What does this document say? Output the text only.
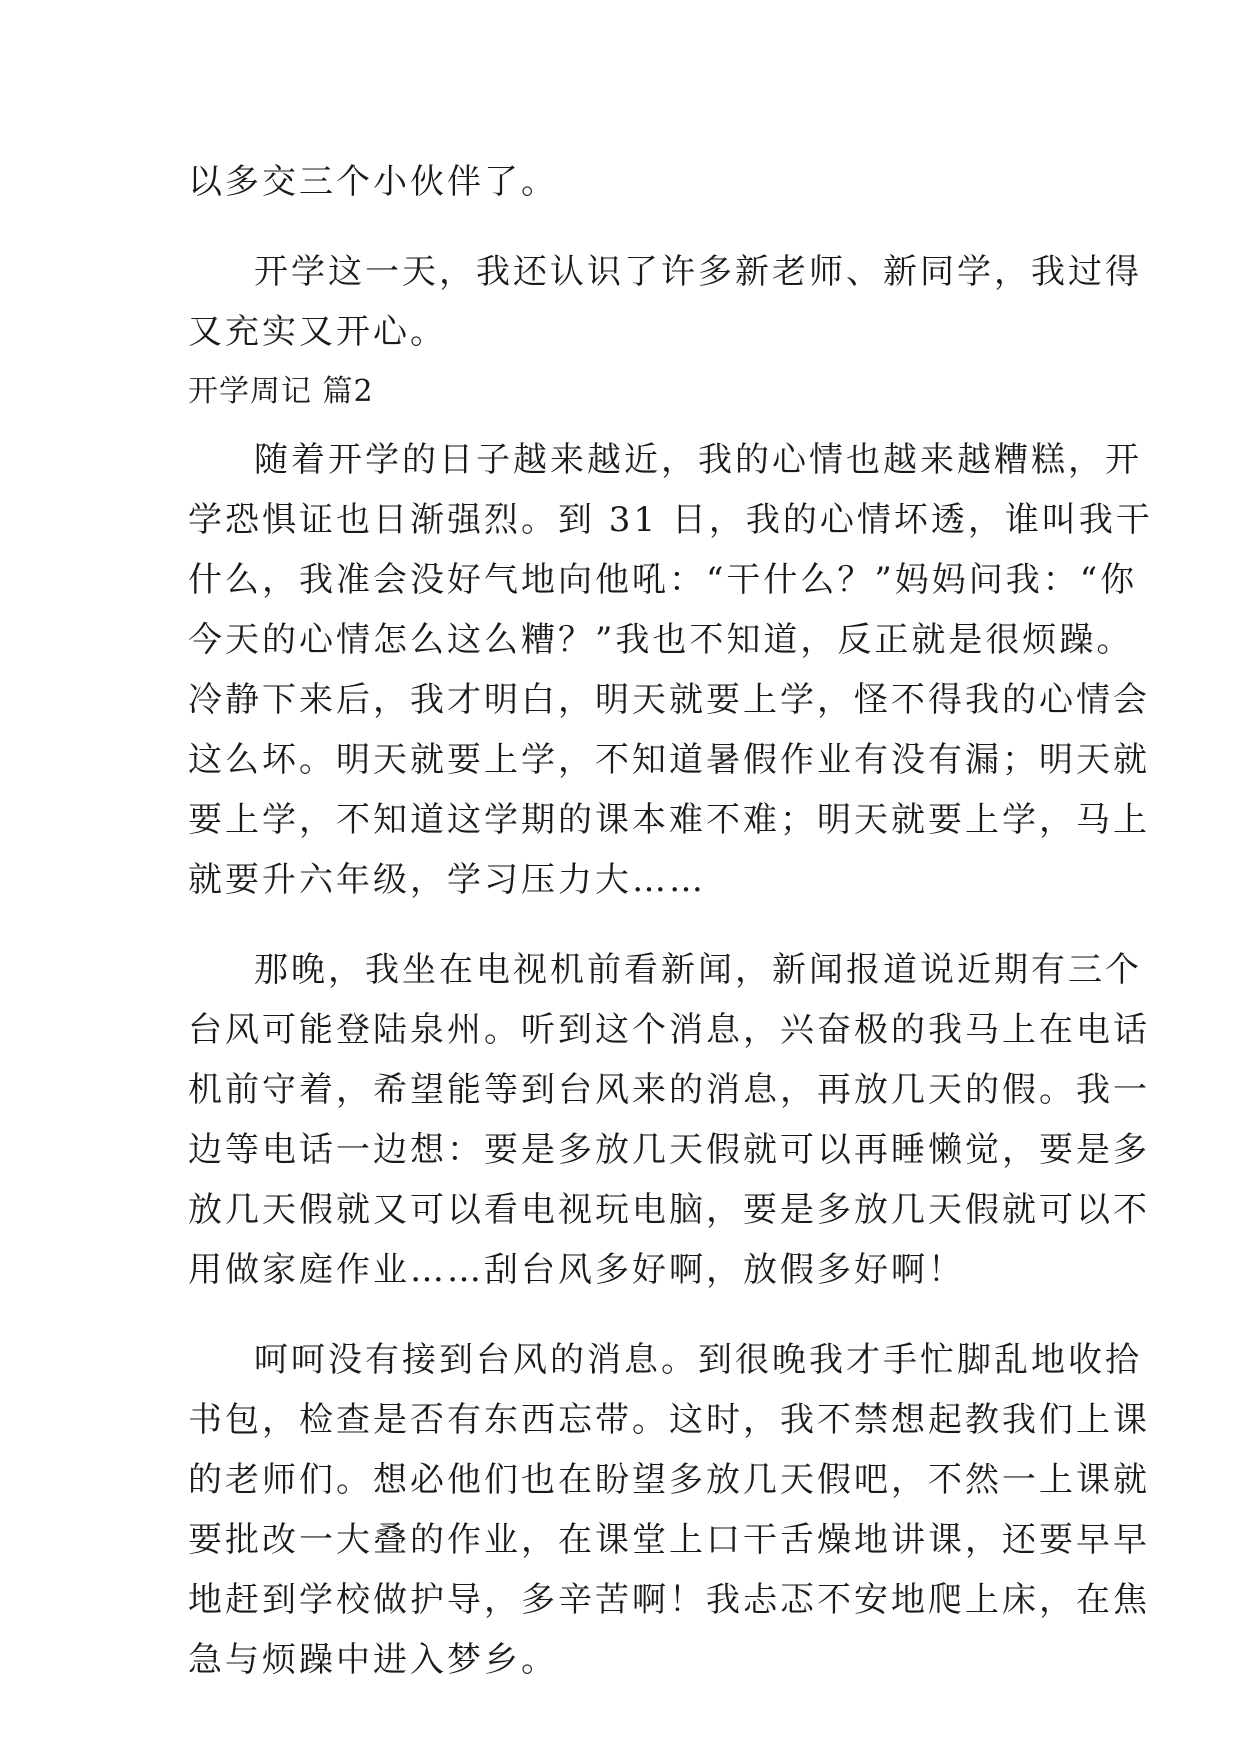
以多交三个小伙伴了。
开学这一天，我还认识了许多新老师、新同学，我过得
又充实又开心。
开学周记 篇2
随着开学的日子越来越近，我的心情也越来越糟糕，开
学恐惧证也日渐强烈。到 31 日，我的心情坏透，谁叫我干
什么，我准会没好气地向他吼：“干什么？”妈妈问我：“你
今天的心情怎么这么糟？”我也不知道，反正就是很烦躁。
冷静下来后，我才明白，明天就要上学，怪不得我的心情会
这么坏。明天就要上学，不知道暑假作业有没有漏；明天就
要上学，不知道这学期的课本难不难；明天就要上学，马上
就要升六年级，学习压力大……
那晚，我坐在电视机前看新闻，新闻报道说近期有三个
台风可能登陆泉州。听到这个消息，兴奋极的我马上在电话
机前守着，希望能等到台风来的消息，再放几天的假。我一
边等电话一边想：要是多放几天假就可以再睡懒觉，要是多
放几天假就又可以看电视玩电脑，要是多放几天假就可以不
用做家庭作业……刮台风多好啊，放假多好啊！
呵呵没有接到台风的消息。到很晚我才手忙脚乱地收拾
书包，检查是否有东西忘带。这时，我不禁想起教我们上课
的老师们。想必他们也在盼望多放几天假吧，不然一上课就
要批改一大叠的作业，在课堂上口干舌燥地讲课，还要早早
地赶到学校做护导，多辛苦啊！我忐忑不安地爬上床，在焦
急与烦躁中进入梦乡。
